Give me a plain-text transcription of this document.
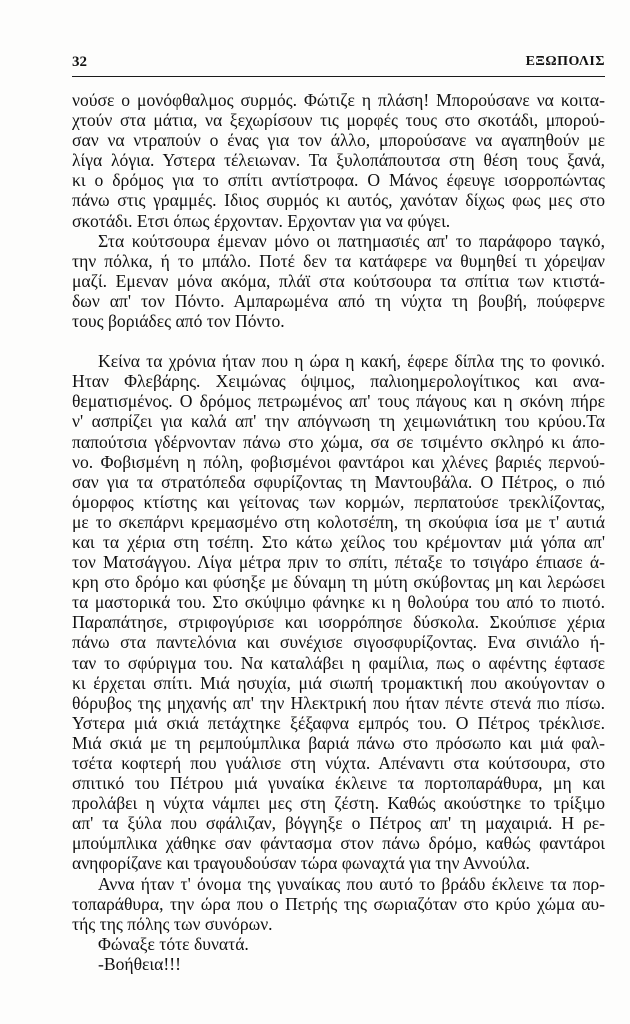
32	ΕΞΩΠΟΛΙΣ
νούσε ο μονόφθαλμος συρμός. Φώτιζε η πλάση! Μπορούσανε να κοιτα-
χτούν στα μάτια, να ξεχωρίσουν τις μορφές τους στο σκοτάδι, μπορού-
σαν να ντραπούν ο ένας για τον άλλο, μπορούσανε να αγαπηθούν με
λίγα λόγια. Υστερα τέλειωναν. Τα ξυλοπάπουτσα στη θέση τους ξανά,
κι ο δρόμος για το σπίτι αντίστροφα. Ο Μάνος έφευγε ισορροπώντας
πάνω στις γραμμές. Ιδιος συρμός κι αυτός, χανόταν δίχως φως μες στο
σκοτάδι. Ετσι όπως έρχονταν. Ερχονταν για να φύγει.
Στα κούτσουρα έμεναν μόνο οι πατημασιές απ' το παράφορο ταγκό,
την πόλκα, ή το μπάλο. Ποτέ δεν τα κατάφερε να θυμηθεί τι χόρεψαν
μαζί. Εμεναν μόνα ακόμα, πλάϊ στα κούτσουρα τα σπίτια των κτιστά-
δων απ' τον Πόντο. Αμπαρωμένα από τη νύχτα τη βουβή, πούφερνε
τους βοριάδες από τον Πόντο.
Κείνα τα χρόνια ήταν που η ώρα η κακή, έφερε δίπλα της το φονικό.
Ηταν Φλεβάρης. Χειμώνας όψιμος, παλιοημερολογίτικος και ανα-
θεματισμένος. Ο δρόμος πετρωμένος απ' τους πάγους και η σκόνη πήρε
ν' ασπρίζει για καλά απ' την απόγνωση τη χειμωνιάτικη του κρύου.Τα
παπούτσια γδέρνονταν πάνω στο χώμα, σα σε τσιμέντο σκληρό κι άπο-
νο. Φοβισμένη η πόλη, φοβισμένοι φαντάροι και χλένες βαριές περνού-
σαν για τα στρατόπεδα σφυρίζοντας τη Μαντουβάλα. Ο Πέτρος, ο πιό
όμορφος κτίστης και γείτονας των κορμών, περπατούσε τρεκλίζοντας,
με το σκεπάρνι κρεμασμένο στη κολοτσέπη, τη σκούφια ίσα με τ' αυτιά
και τα χέρια στη τσέπη. Στο κάτω χείλος του κρέμονταν μιά γόπα απ'
τον Ματσάγγου. Λίγα μέτρα πριν το σπίτι, πέταξε το τσιγάρο έπιασε ά-
κρη στο δρόμο και φύσηξε με δύναμη τη μύτη σκύβοντας μη και λερώσει
τα μαστορικά του. Στο σκύψιμο φάνηκε κι η θολούρα του από το πιοτό.
Παραπάτησε, στριφογύρισε και ισορρόπησε δύσκολα. Σκούπισε χέρια
πάνω στα παντελόνια και συνέχισε σιγοσφυρίζοντας. Ενα σινιάλο ή-
ταν το σφύριγμα του. Να καταλάβει η φαμίλια, πως ο αφέντης έφτασε
κι έρχεται σπίτι. Μιά ησυχία, μιά σιωπή τρομακτική που ακούγονταν ο
θόρυβος της μηχανής απ' την Ηλεκτρική που ήταν πέντε στενά πιο πίσω.
Υστερα μιά σκιά πετάχτηκε ξέξαφνα εμπρός του. Ο Πέτρος τρέκλισε.
Μιά σκιά με τη ρεμπούμπλικα βαριά πάνω στο πρόσωπο και μιά φαλ-
τσέτα κοφτερή που γυάλισε στη νύχτα. Απέναντι στα κούτσουρα, στο
σπιτικό του Πέτρου μιά γυναίκα έκλεινε τα πορτοπαράθυρα, μη και
προλάβει η νύχτα νάμπει μες στη ζέστη. Καθώς ακούστηκε το τρίξιμο
απ' τα ξύλα που σφάλιζαν, βόγγηξε ο Πέτρος απ' τη μαχαιριά. Η ρε-
μπούμπλικα χάθηκε σαν φάντασμα στον πάνω δρόμο, καθώς φαντάροι
ανηφορίζανε και τραγουδούσαν τώρα φωναχτά για την Αννούλα.
Αννα ήταν τ' όνομα της γυναίκας που αυτό το βράδυ έκλεινε τα πορ-
τοπαράθυρα, την ώρα που ο Πετρής της σωριαζόταν στο κρύο χώμα αυ-
τής της πόλης των συνόρων.
Φώναξε τότε δυνατά.
-Βοήθεια!!!
